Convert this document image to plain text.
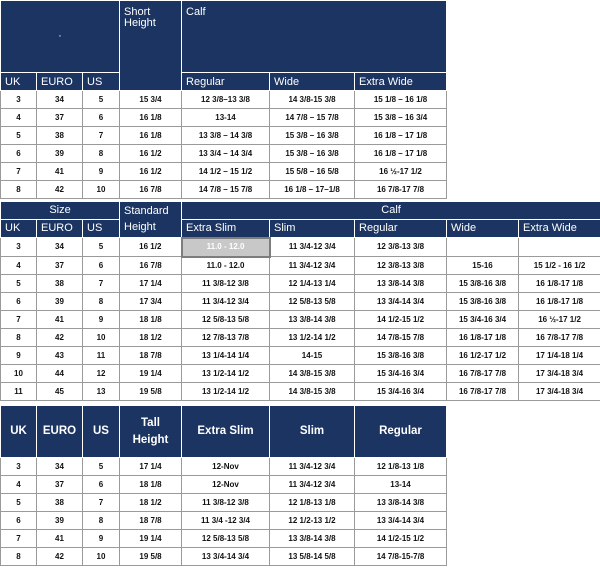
·			Short Height	Calf		
UK	EURO	US		Regular	Wide	Extra Wide
3	34	5	15 3/4	12 3/8–13 3/8	14 3/8-15 3/8	15 1/8 – 16 1/8
4	37	6	16 1/8	13-14	14 7/8 – 15 7/8	15 3/8 – 16 3/4
5	38	7	16 1/8	13 3/8 – 14 3/8	15 3/8 – 16 3/8	16 1/8 – 17 1/8
6	39	8	16 1/2	13 3/4 – 14 3/4	15 3/8 – 16 3/8	16 1/8 – 17 1/8
7	41	9	16 1/2	14 1/2 – 15 1/2	15 5/8 – 16 5/8	16 ½-17 1/2
8	42	10	16 7/8	14 7/8 – 15 7/8	16 1/8 – 17–1/8	16 7/8-17 7/8
Size			Standard Height	Calf				
UK	EURO	US		Extra Slim	Slim	Regular	Wide	Extra Wide
3	34	5	16 1/2	11.0 - 12.0	11 3/4-12 3/4	12 3/8-13 3/8		
4	37	6	16 7/8	11.0 - 12.0	11 3/4-12 3/4	12 3/8-13 3/8	15-16	15 1/2 - 16 1/2
5	38	7	17 1/4	11 3/8-12 3/8	12 1/4-13 1/4	13 3/8-14 3/8	15 3/8-16 3/8	16 1/8-17 1/8
6	39	8	17 3/4	11 3/4-12 3/4	12 5/8-13 5/8	13 3/4-14 3/4	15 3/8-16 3/8	16 1/8-17 1/8
7	41	9	18 1/8	12 5/8-13 5/8	13 3/8-14 3/8	14 1/2-15 1/2	15 3/4-16 3/4	16 ½-17 1/2
8	42	10	18 1/2	12 7/8-13 7/8	13 1/2-14 1/2	14 7/8-15 7/8	16 1/8-17 1/8	16 7/8-17 7/8
9	43	11	18 7/8	13 1/4-14 1/4	14-15	15 3/8-16 3/8	16 1/2-17 1/2	17 1/4-18 1/4
10	44	12	19 1/4	13 1/2-14 1/2	14 3/8-15 3/8	15 3/4-16 3/4	16 7/8-17 7/8	17 3/4-18 3/4
11	45	13	19 5/8	13 1/2-14 1/2	14 3/8-15 3/8	15 3/4-16 3/4	16 7/8-17 7/8	17 3/4-18 3/4
UK	EURO	US	Tall Height	Extra Slim	Slim	Regular
3	34	5	17 1/4	12-Nov	11 3/4-12 3/4	12 1/8-13 1/8
4	37	6	18 1/8	12-Nov	11 3/4-12 3/4	13-14
5	38	7	18 1/2	11 3/8-12 3/8	12 1/8-13 1/8	13 3/8-14 3/8
6	39	8	18 7/8	11 3/4 -12 3/4	12 1/2-13 1/2	13 3/4-14 3/4
7	41	9	19 1/4	12 5/8-13 5/8	13 3/8-14 3/8	14 1/2-15 1/2
8	42	10	19 5/8	13 3/4-14 3/4	13 5/8-14 5/8	14 7/8-15-7/8
